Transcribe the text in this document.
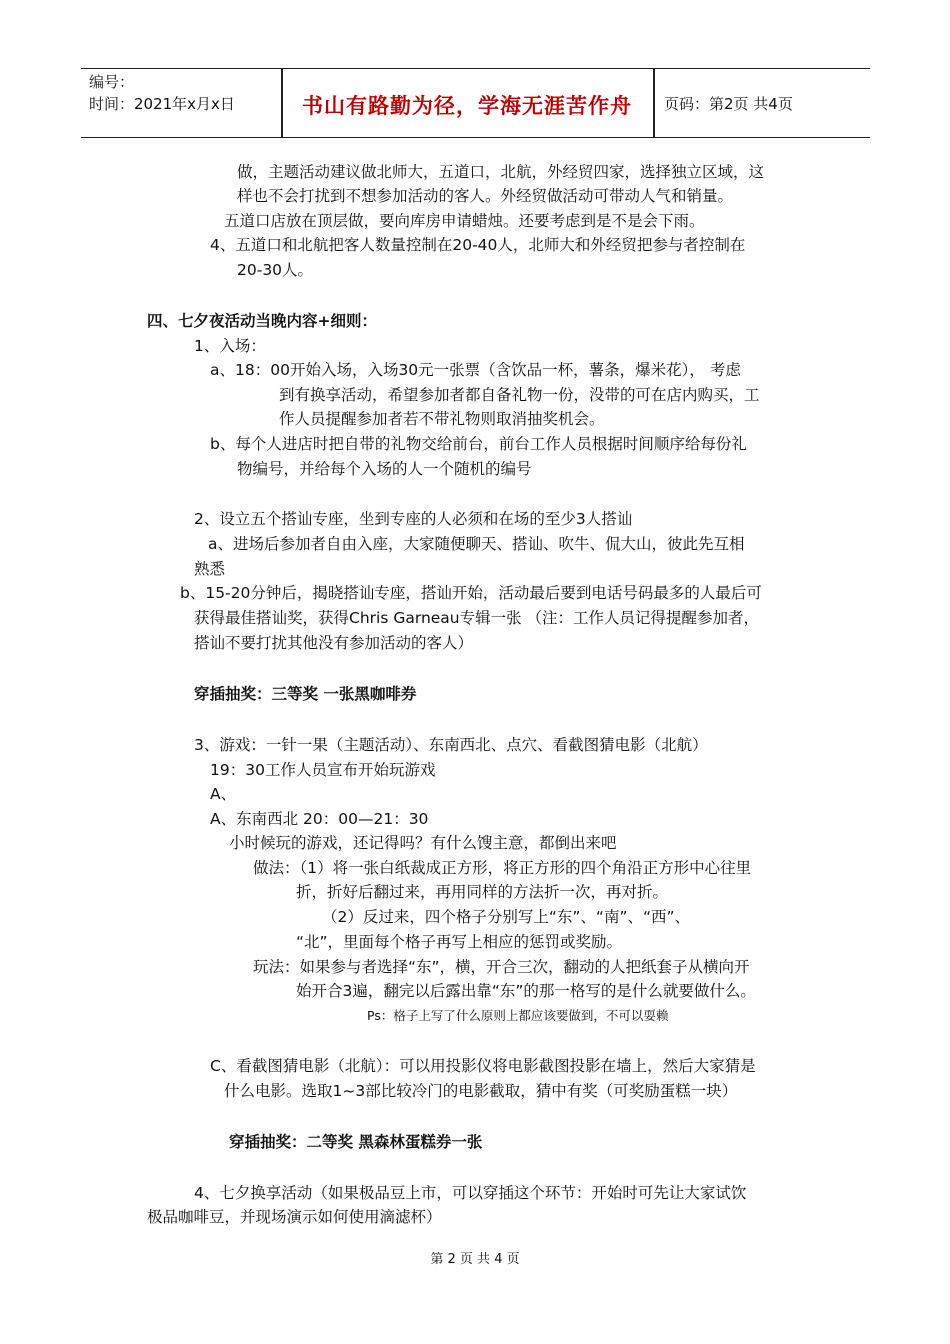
编号：
时间：2021年x月x日	书山有路勤为径，学海无涯苦作舟	页码：第2页 共4页
做，主题活动建议做北师大，五道口，北航，外经贸四家，选择独立区域，这
样也不会打扰到不想参加活动的客人。外经贸做活动可带动人气和销量。
五道口店放在顶层做，要向库房申请蜡烛。还要考虑到是不是会下雨。
4、五道口和北航把客人数量控制在20-40人，北师大和外经贸把参与者控制在
20-30人。
四、七夕夜活动当晚内容+细则：
1、入场：
a、18：00开始入场，入场30元一张票（含饮品一杯，薯条，爆米花）， 考虑
到有换享活动，希望参加者都自备礼物一份，没带的可在店内购买，工
作人员提醒参加者若不带礼物则取消抽奖机会。
b、每个人进店时把自带的礼物交给前台，前台工作人员根据时间顺序给每份礼
物编号，并给每个入场的人一个随机的编号
2、设立五个搭讪专座，坐到专座的人必须和在场的至少3人搭讪
a、进场后参加者自由入座，大家随便聊天、搭讪、吹牛、侃大山，彼此先互相
熟悉
b、15-20分钟后，揭晓搭讪专座，搭讪开始，活动最后要到电话号码最多的人最后可
获得最佳搭讪奖，获得Chris Garneau专辑一张 （注：工作人员记得提醒参加者，
搭讪不要打扰其他没有参加活动的客人）
穿插抽奖：三等奖 一张黑咖啡券
3、游戏：一针一果（主题活动）、东南西北、点穴、看截图猜电影（北航）
19：30工作人员宣布开始玩游戏
A、
A、东南西北 20：00—21：30
小时候玩的游戏，还记得吗？有什么馊主意，都倒出来吧
做法：（1）将一张白纸裁成正方形，将正方形的四个角沿正方形中心往里
折，折好后翻过来，再用同样的方法折一次，再对折。
（2）反过来，四个格子分别写上“东”、“南”、“西”、
“北”，里面每个格子再写上相应的惩罚或奖励。
玩法：如果参与者选择“东”，横，开合三次，翻动的人把纸套子从横向开
始开合3遍，翻完以后露出靠“东”的那一格写的是什么就要做什么。
Ps：格子上写了什么原则上都应该要做到，不可以耍赖
C、看截图猜电影（北航）：可以用投影仪将电影截图投影在墙上，然后大家猜是
什么电影。选取1~3部比较冷门的电影截取，猜中有奖（可奖励蛋糕一块）
穿插抽奖：二等奖 黑森林蛋糕券一张
4、七夕换享活动（如果极品豆上市，可以穿插这个环节：开始时可先让大家试饮
极品咖啡豆，并现场演示如何使用滴滤杯）
第 2 页 共 4 页
